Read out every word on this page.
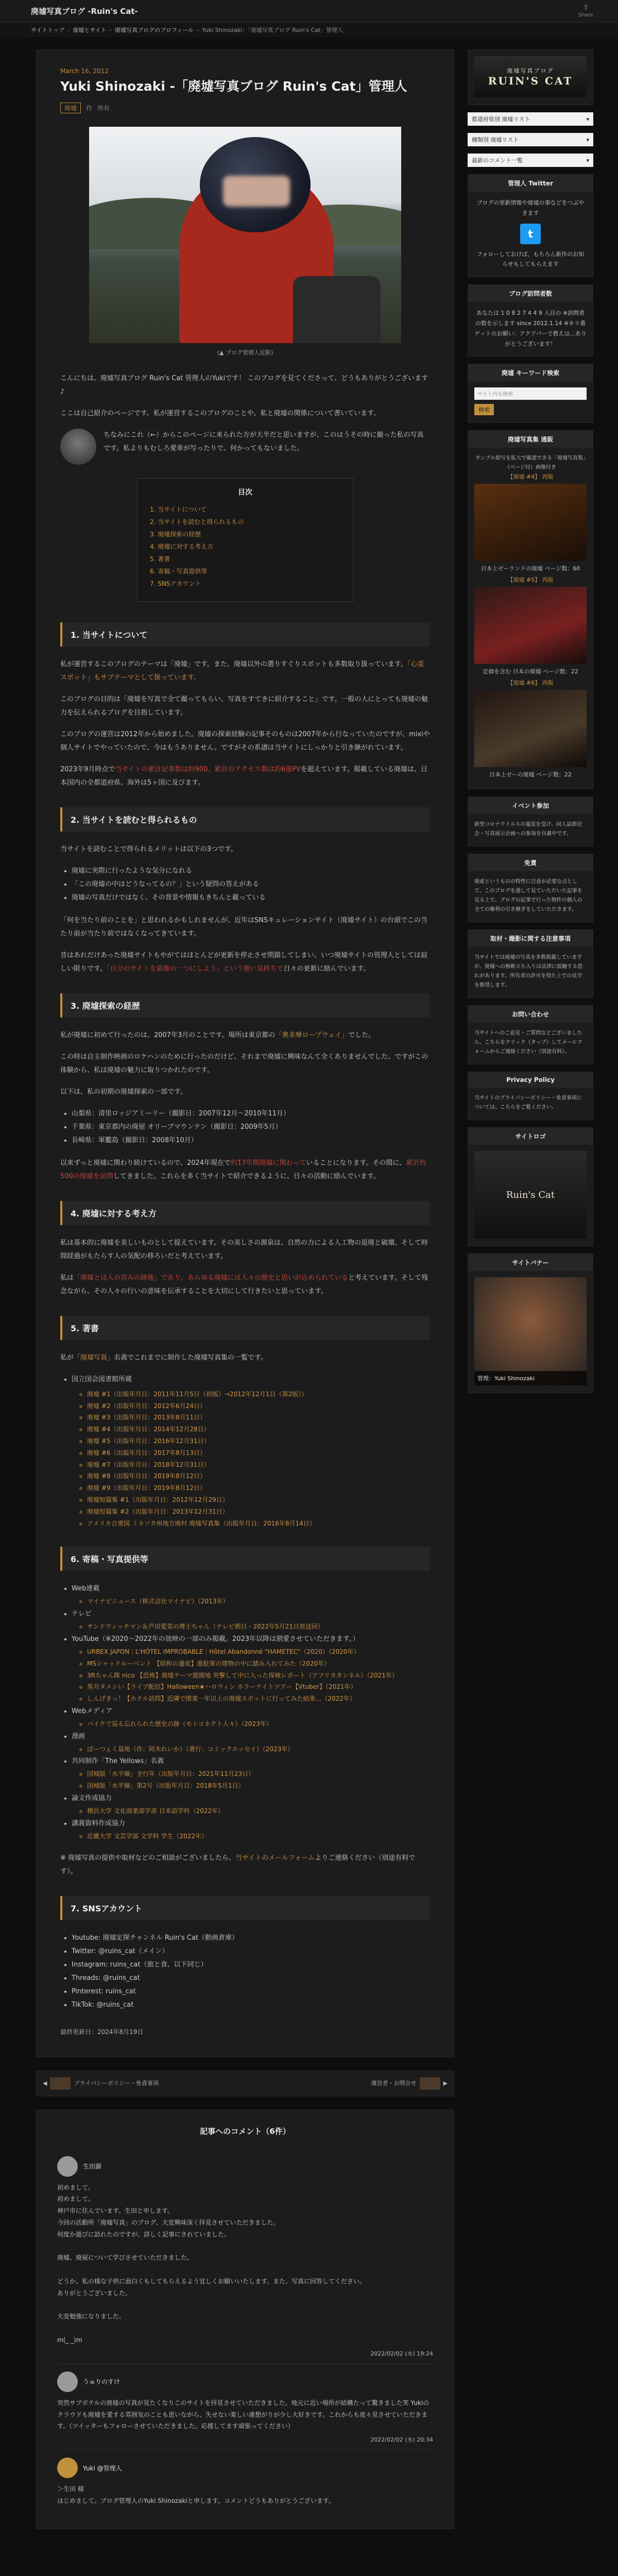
廃墟写真ブログ -Ruin's Cat-	⇪
Share
サイトトップ › 廃墟とサイト › 廃墟写真ブログのプロフィール › Yuki Shinozaki：「廃墟写真ブログ Ruin's Cat」管理人
March 16, 2012
Yuki Shinozaki -「廃墟写真ブログ Ruin's Cat」管理人
廃墟	作 所有
(▲ ブログ管理人近影)

こんにちは。廃墟写真ブログ Ruin's Cat 管理人のYukiです！ このブログを見てくださって、どうもありがとうございます♪

ここは自己紹介のページです。私が運営するこのブログのことや、私と廃墟の関係について書いています。

ちなみにこれ（←）からこのページに来られた方が大半だと思いますが、このはうその時に撮った私の写真です。私よりもむしろ愛車が写ったりで、何かってもないました。

目次
1. 当サイトについて
2. 当サイトを読むと得られるもの
3. 廃墟探索の経歴
4. 廃墟に対する考え方
5. 著書
6. 寄稿・写真提供等
7. SNSアカウント
1. 当サイトについて

私が運営するこのブログのテーマは「廃墟」です。また、廃墟以外の選りすぐりスポットも多数取り扱っています。「心霊スポット」もサブテーマとして扱っています。

このブログの目的は「廃墟を写真で全て撮ってもらい、写真をすてきに紹介すること」です。一般の人にとっても廃墟の魅力を伝えられるブログを目指しています。

このブログの運営は2012年から始めました。廃墟の探索経験の記事そのものは2007年から行なっていたのですが、mixiや個人サイトでやっていたので、今はもうありません。ですがその系譜は当サイトにしっかりと引き継がれています。

2023年9月時点で当サイトの累計記事数は約900、累計のアクセス数は約6億PVを超えています。掲載している廃墟は、日本国内の全都道府県、海外は5ヶ国に及びます。

2. 当サイトを読むと得られるもの

当サイトを読むことで得られるメリットは以下の3つです。

• 廃墟に実際に行ったような気分になれる
• 「この廃墟の中はどうなってるの？」という疑問の答えがある
• 廃墟の写真だけではなく、その背景や情報もきちんと載っている

「何を当たり前のことを」と思われるかもしれませんが、近年はSNSキュレーションサイト（廃墟サイト）の台頭でこの当たり前が当たり前ではなくなってきています。

昔はあれだけあった廃墟サイトもやがてはほとんどが更新を停止させ閉鎖してしまい、いつ廃墟サイトの管理人としては寂しい限りです。「自分のサイトを最後の一つにしよう」という強い気持ちで日々の更新に励んでいます。

3. 廃墟探索の経歴

私が廃墟に初めて行ったのは、2007年3月のことです。場所は東京都の「奥多摩ロープウェイ」でした。

この時は自主制作映画のロケハンのために行ったのだけど、それまで廃墟に興味なんて全くありませんでした。ですがこの体験から、私は廃墟の魅力に取りつかれたのです。

以下は、私の初期の廃墟探索の一部です。

• 山梨県：清里ロッジアミーリー（撮影日：2007年12月〜2010年11月）
• 千葉県：東京都内の廃屋 オリーブマウンテン（撮影日：2009年5月）
• 長崎県：軍艦島（撮影日：2008年10月）

以来ずっと廃墟に関わり続けているので、2024年現在で約17年間廃墟に関わっていることになります。その間に、累計約500の廃墟を訪問してきました。これらを多く当サイトで紹介できるように、日々の活動に励んでいます。

4. 廃墟に対する考え方

私は基本的に廃墟を美しいものとして捉えています。その美しさの源泉は、自然の力による人工物の退廃と破壊、そして時間経過がもたらす人の気配の移ろいだと考えています。

私は「廃墟とは人の営みの跡地」であり、あらゆる廃墟には人々の歴史と思いが込められていると考えています。そして残念ながら、その人々の行いの意味を伝承することを大切にして行きたいと思っています。

5. 著書

私が「廃墟写真」名義でこれまでに制作した廃墟写真集の一覧です。

• 国立国会図書館所蔵
◦ 廃墟 #1（出版年月日：2011年11月5日（初版）→2012年12月1日（第2版））
◦ 廃墟 #2（出版年月日：2012年6月24日）
◦ 廃墟 #3（出版年月日：2013年8月11日）
◦ 廃墟 #4（出版年月日：2014年12月28日）
◦ 廃墟 #5（出版年月日：2016年12月31日）
◦ 廃墟 #6（出版年月日：2017年8月13日）
◦ 廃墟 #7（出版年月日：2018年12月31日）
◦ 廃墟 #8（出版年月日：2019年8月12日）
◦ 廃墟 #9（出版年月日：2019年8月12日）
◦ 廃墟短篇集 #1（出版年月日：2012年12月29日）
◦ 廃墟短篇集 #2（出版年月日：2013年12月31日）
◦ アメリカ合衆国 ミネソタ州地方廃村 廃墟写真集（出版年月日：2016年8月14日）
6. 寄稿・写真提供等
• Web連載
◦ マイナビニュース（株式会社マイナビ）（2013年）
• テレビ
◦ サンドウィッチマン＆芦田愛菜の博士ちゃん（テレビ朝日・2022年5月21日放送回）
• YouTube（※2020〜2022年の放映の一部のみ掲載。2023年以降は割愛させていただきます。）
◦ URBEX JAPON : L'HÔTEL IMPROBABLE : Hôtel Abandonné "HAMETEC"（2020）（2020年）
◦ MSシャッドルーベント 【昭和の遺産】進駐軍の建物の中に踏み入れてみた（2020年）
◦ 3Rちゃん隊 nico 【恐怖】廃墟テーマ遊園地 突撃して中に入った探検レポート（アフリカタンネル）（2021年）
◦ 黒月タメシい【ライブ配信】Halloween★ハロウィン ホラーナイトツアー【Vtuber】（2021年）
◦ しんげきっ！【ホテル訪問】近隣で閉業一年以上の廃墟スポットに行ってみた結果…（2022年）
• Webメディア
◦ バイクで巡る忘れられた歴史の跡（モトコネクト人々）（2023年）
• 漫画
◦ ぽーつぇく基地（作：阿木れいか）（著行：コミックエッセイ）（2023年）
• 共同制作「The Yellows」名義
◦ 国城版「水平線」全行年（出版年月日：2021年11月23日）
◦ 国城版「水平線」第2号（出版年月日：2018年5月1日）
• 論文作成協力
◦ 横浜大学 文化商業部学部 日本語学科（2022年）
• 講義資料作成協力
◦ 近畿大学 文芸学部 文学科 学生（2022年）

※ 廃墟写真の提供や取材などのご相談がございましたら、当サイトのメールフォームよりご連絡ください（別途有料です）。

7. SNSアカウント
• Youtube: 廃墟定探チャンネル Ruin's Cat（動画倉庫）
• Twitter: @ruins_cat（メイン）
• Instagram: ruins_cat（旅と食、以下同じ）
• Threads: @ruins_cat
• Pinterest: ruins_cat
• TikTok: @ruins_cat
最終更新日：2024年8月19日
◀	ブライバシーポリシー・免責事項	運営者・お問合せ	▶
記事へのコメント（6件）
生田源
初めまして。
初めまして。
神戸市に住んでいます。生田と申します。
今回の活動所「廃墟写真」のブログ、大変興味深く拝見させていただきました。
何度か遊びに訪れたのですが、詳しく記事にされていました。

廃墟、廃屋について学びさせていただきました。

どうか、私の様な子供に面白くもしてもらえるよう宜しくお願いいたします。また、写真に回答してください。
ありがとうございました。

大変勉強になりました。

m(_ _)m
2022/02/02 (水) 19:24
うゅりのすけ
突然サプボテルの廃墟の写真が見たくなりこのサイトを拝見させていただきました。地元に近い場所が結構たって驚きました笑 Yukiのクラウドも廃墟を愛する雰囲気のことも思いながら、失せない楽しい連想がりが少し大好きです。これからも度々見させていただきます。（ツイッターもフォローさせていただきました。応援してます頑張ってください）
2022/02/02 (水) 20:34
Yuki @管理人
＞生田 様
はじめまして。ブログ管理人のYuki Shinozakiと申します。コメントどうもありがとうございます。
廃墟写真ブログ
RUIN'S CAT
都道府県別 廃墟リスト	▾
種類別 廃墟リスト	▾
最新のコメント一覧	▾
管理人 Twitter
ブログの更新情報や廃墟の事などをつぶやきます
t
フォローしておけば、もちろん新作のお知らせもしてもらえます
ブログ訪問者数
あなたは 1 0 8 2 7 4 4 9 人目の ※訪問者の数を示します since 2012.1.14 ※キリ番ゲットのお願い：アクアバーで教えは...ありがとうございます！
廃墟 キーワード検索
サイト内を検索
検索
廃墟写真集 通販
サンプル絵写を拡大で確認できる「廃墟写真集」（ページ付）画像付き
【廃墟 #4】 再販
日本上ゼーランドの廃墟 ページ数：60
【廃墟 #5】 再販
定価を含む 日本の廃墟 ページ数：22
【廃墟 #6】 再販
日本上ゼーの廃墟 ページ数：22
イベント参加
新型コロナウイルスの蔓延を受け、同人誌即売会・写真展示企画への参加を自粛中です。
免責
廃虚というものの特性に注意が必要な点として、このブログを通して見ていただいた記事を見る上で、ブログの記事で行った物件の個人の全ての権利の引き継ぎをしていただきます。
取材・撮影に関する注意事項
当サイトでは廃墟の写真を多数掲載していますが、廃墟への無断立ち入りは法律に抵触する恐れがあります。所有者の許可を得た上での見学を推奨します。
お問い合わせ
当サイトへのご意見・ご質問などございましたら、こちらをクリック（タップ）してメールフォームからご連絡ください（別途有料）。
Privacy Policy
当サイトのプライバシーポリシー・免責事項については、こちらをご覧ください。
サイトロゴ
Ruin's Cat
サイトバナー
管理：Yuki Shinozaki
